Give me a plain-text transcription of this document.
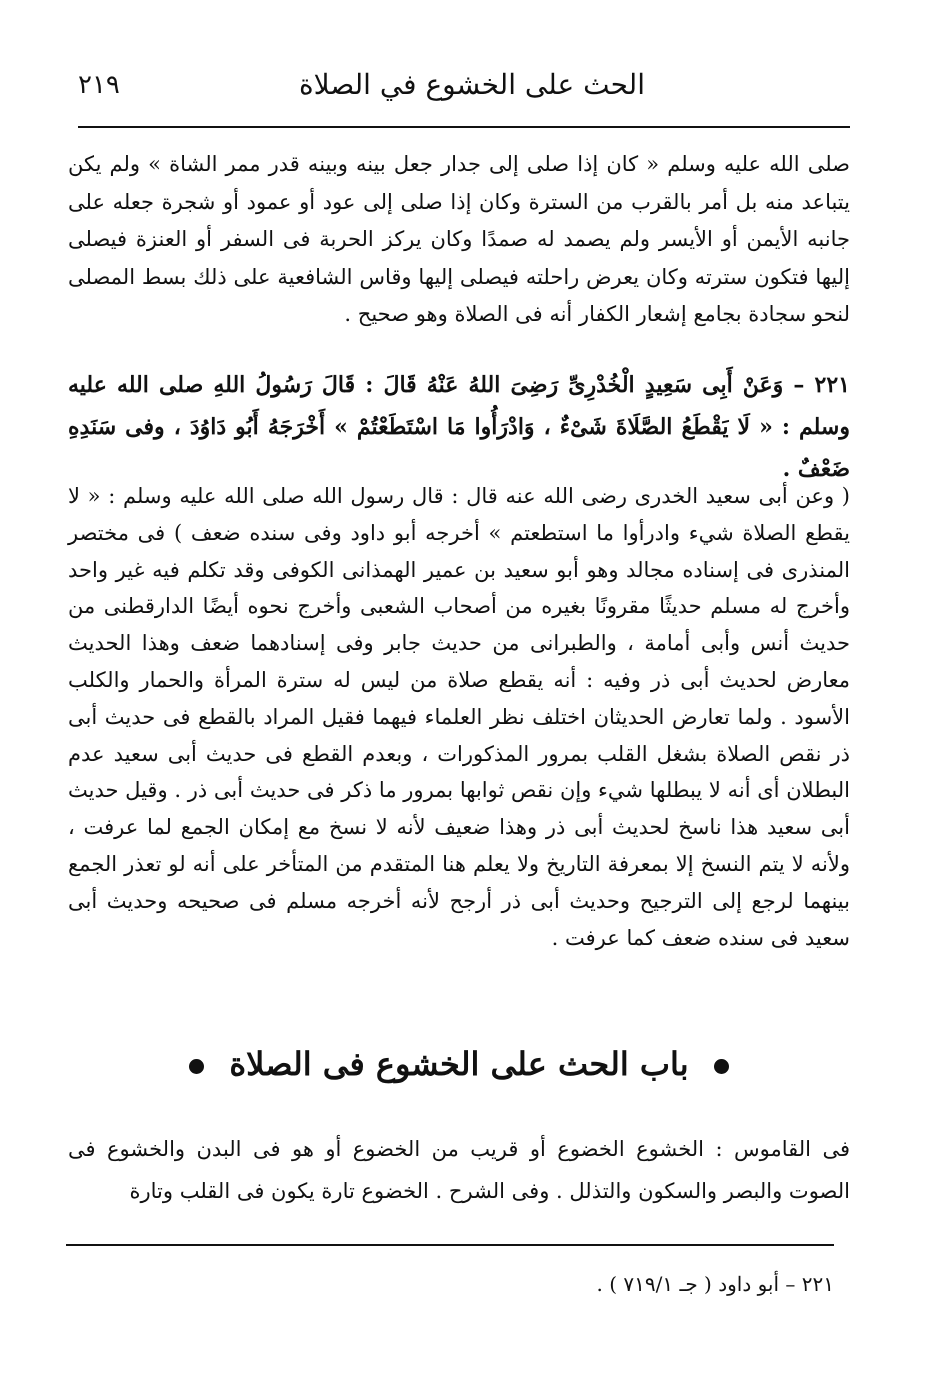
٢١٩	الحث على الخشوع في الصلاة
صلى الله عليه وسلم « كان إذا صلى إلى جدار جعل بينه وبينه قدر ممر الشاة » ولم يكن يتباعد منه بل أمر بالقرب من السترة وكان إذا صلى إلى عود أو عمود أو شجرة جعله على جانبه الأيمن أو الأيسر ولم يصمد له صمدًا وكان يركز الحربة فى السفر أو العنزة فيصلى إليها فتكون سترته وكان يعرض راحلته فيصلى إليها وقاس الشافعية على ذلك بسط المصلى لنحو سجادة بجامع إشعار الكفار أنه فى الصلاة وهو صحيح .
٢٢١ – وَعَنْ أَبِى سَعِيدٍ الْخُدْرِىِّ رَضِىَ اللهُ عَنْهُ قَالَ : قَالَ رَسُولُ اللهِ صلى الله عليه وسلم : « لَا يَقْطَعُ الصَّلَاةَ شَىْءٌ ، وَادْرَأُوا مَا اسْتَطَعْتُمْ » أَخْرَجَهُ أَبُو دَاوُدَ ، وفى سَنَدِهِ ضَعْفٌ .
( وعن أبى سعيد الخدرى رضى الله عنه قال : قال رسول الله صلى الله عليه وسلم : « لا يقطع الصلاة شيء وادرأوا ما استطعتم » أخرجه أبو داود وفى سنده ضعف ) فى مختصر المنذرى فى إسناده مجالد وهو أبو سعيد بن عمير الهمذانى الكوفى وقد تكلم فيه غير واحد وأخرج له مسلم حديثًا مقرونًا بغيره من أصحاب الشعبى وأخرج نحوه أيضًا الدارقطنى من حديث أنس وأبى أمامة ، والطبرانى من حديث جابر وفى إسنادهما ضعف وهذا الحديث معارض لحديث أبى ذر وفيه : أنه يقطع صلاة من ليس له سترة المرأة والحمار والكلب الأسود . ولما تعارض الحديثان اختلف نظر العلماء فيهما فقيل المراد بالقطع فى حديث أبى ذر نقص الصلاة بشغل القلب بمرور المذكورات ، وبعدم القطع فى حديث أبى سعيد عدم البطلان أى أنه لا يبطلها شيء وإن نقص ثوابها بمرور ما ذكر فى حديث أبى ذر . وقيل حديث أبى سعيد هذا ناسخ لحديث أبى ذر وهذا ضعيف لأنه لا نسخ مع إمكان الجمع لما عرفت ، ولأنه لا يتم النسخ إلا بمعرفة التاريخ ولا يعلم هنا المتقدم من المتأخر على أنه لو تعذر الجمع بينهما لرجع إلى الترجيح وحديث أبى ذر أرجح لأنه أخرجه مسلم فى صحيحه وحديث أبى سعيد فى سنده ضعف كما عرفت .
باب الحث على الخشوع فى الصلاة
فى القاموس : الخشوع الخضوع أو قريب من الخضوع أو هو فى البدن والخشوع فى الصوت والبصر والسكون والتذلل . وفى الشرح . الخضوع تارة يكون فى القلب وتارة
٢٢١ – أبو داود ( جـ ٧١٩/١ ) .
